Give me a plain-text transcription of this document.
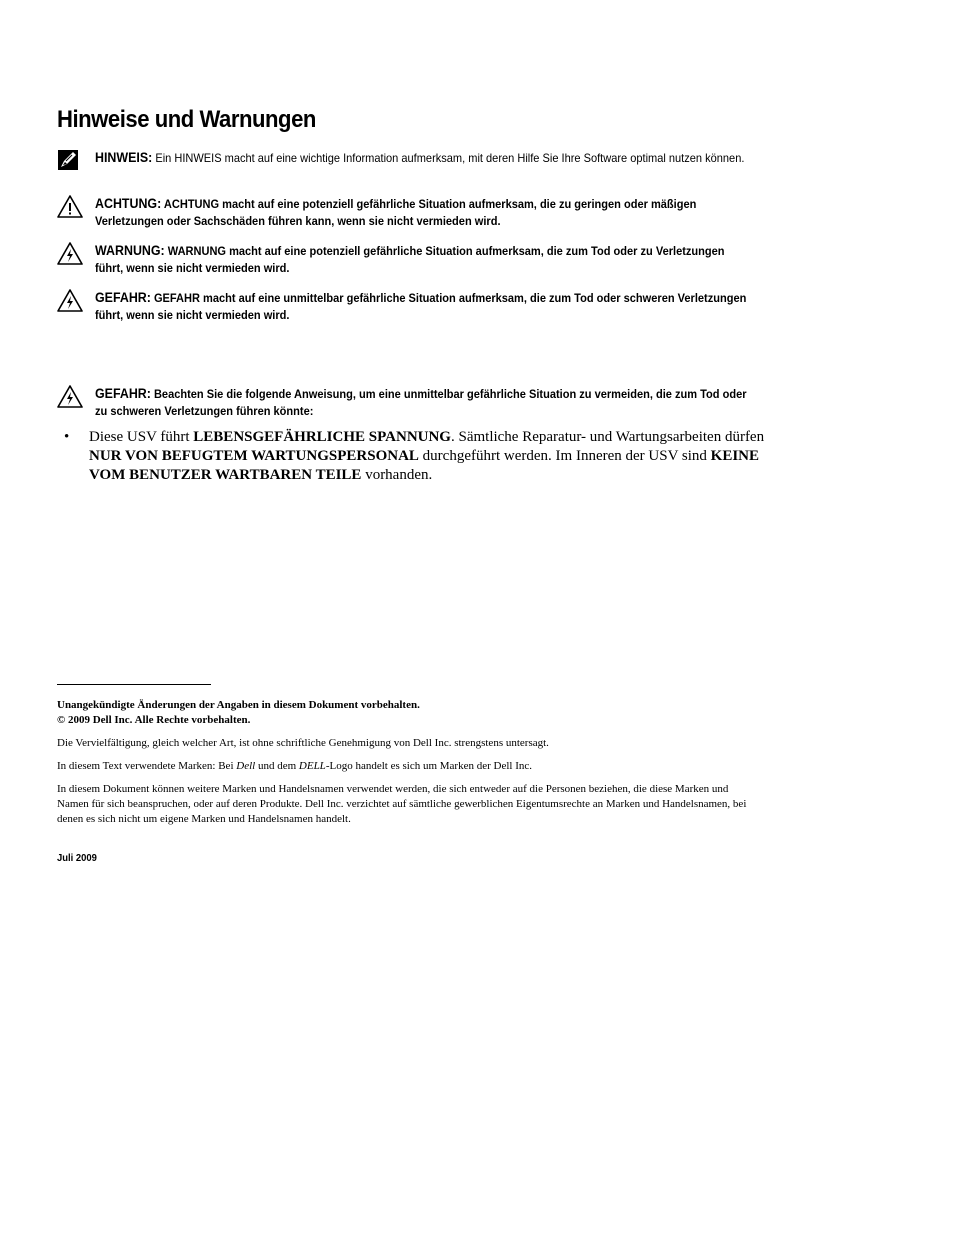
Hinweise und Warnungen
HINWEIS: Ein HINWEIS macht auf eine wichtige Information aufmerksam, mit deren Hilfe Sie Ihre Software optimal nutzen können.
ACHTUNG: ACHTUNG macht auf eine potenziell gefährliche Situation aufmerksam, die zu geringen oder mäßigen Verletzungen oder Sachschäden führen kann, wenn sie nicht vermieden wird.
WARNUNG: WARNUNG macht auf eine potenziell gefährliche Situation aufmerksam, die zum Tod oder zu Verletzungen führt, wenn sie nicht vermieden wird.
GEFAHR: GEFAHR macht auf eine unmittelbar gefährliche Situation aufmerksam, die zum Tod oder schweren Verletzungen führt, wenn sie nicht vermieden wird.
GEFAHR: Beachten Sie die folgende Anweisung, um eine unmittelbar gefährliche Situation zu vermeiden, die zum Tod oder zu schweren Verletzungen führen könnte:
• Diese USV führt LEBENSGEFÄHRLICHE SPANNUNG. Sämtliche Reparatur- und Wartungsarbeiten dürfen NUR VON BEFUGTEM WARTUNGSPERSONAL durchgeführt werden. Im Inneren der USV sind KEINE VOM BENUTZER WARTBAREN TEILE vorhanden.
Unangekündigte Änderungen der Angaben in diesem Dokument vorbehalten.
© 2009 Dell Inc. Alle Rechte vorbehalten.
Die Vervielfältigung, gleich welcher Art, ist ohne schriftliche Genehmigung von Dell Inc. strengstens untersagt.
In diesem Text verwendete Marken: Bei Dell und dem DELL-Logo handelt es sich um Marken der Dell Inc.
In diesem Dokument können weitere Marken und Handelsnamen verwendet werden, die sich entweder auf die Personen beziehen, die diese Marken und Namen für sich beanspruchen, oder auf deren Produkte. Dell Inc. verzichtet auf sämtliche gewerblichen Eigentumsrechte an Marken und Handelsnamen, bei denen es sich nicht um eigene Marken und Handelsnamen handelt.
Juli 2009
